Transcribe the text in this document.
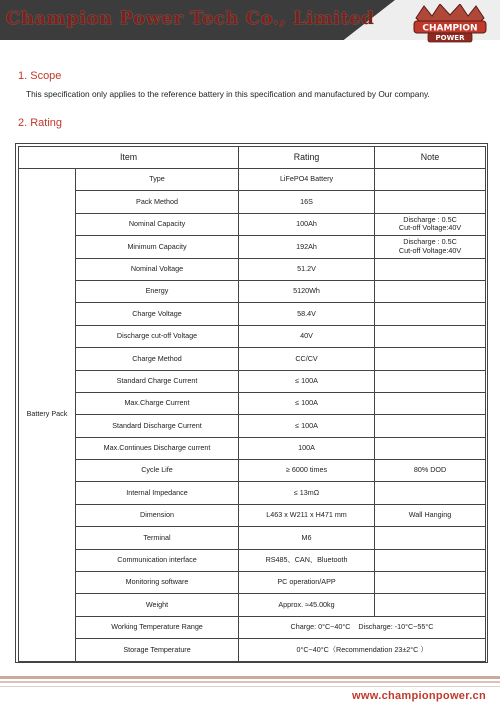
Champion Power Tech Co., Limited	CHAMPION
POWER
1. Scope
This specification only applies to the reference battery in this specification and manufactured by Our company.
2. Rating
Item		Rating	Note
Battery Pack	Type	LiFePO4 Battery	
	Pack Method	16S	
	Nominal Capacity	100Ah	Discharge : 0.5C
Cut-off Voltage:40V

	Minimum Capacity	192Ah	Discharge : 0.5C
Cut-off Voltage:40V

	Nominal Voltage	51.2V	
	Energy	5120Wh	
	Charge Voltage	58.4V	
	Discharge cut-off Voltage	40V	
	Charge Method	CC/CV	
	Standard Charge Current	≤ 100A	
	Max.Charge Current	≤ 100A	
	Standard Discharge Current	≤ 100A	
	Max.Continues Discharge current	100A	
	Cycle Life	≥ 6000 times	80% DOD
	Internal Impedance	≤ 13mΩ	
	Dimension	L463 x W211 x H471 mm	Wall Hanging
	Terminal	M6	
	Communication interface	RS485、CAN、Bluetooth	
	Monitoring software	PC operation/APP	
	Weight	Approx. ≈45.00kg	
	Working Temperature Range	Charge: 0°C~40°C    Discharge: -10°C~55°C	
	Storage Temperature	0°C~40°C（Recommendation 23±2°C ）	
www.championpower.cn
